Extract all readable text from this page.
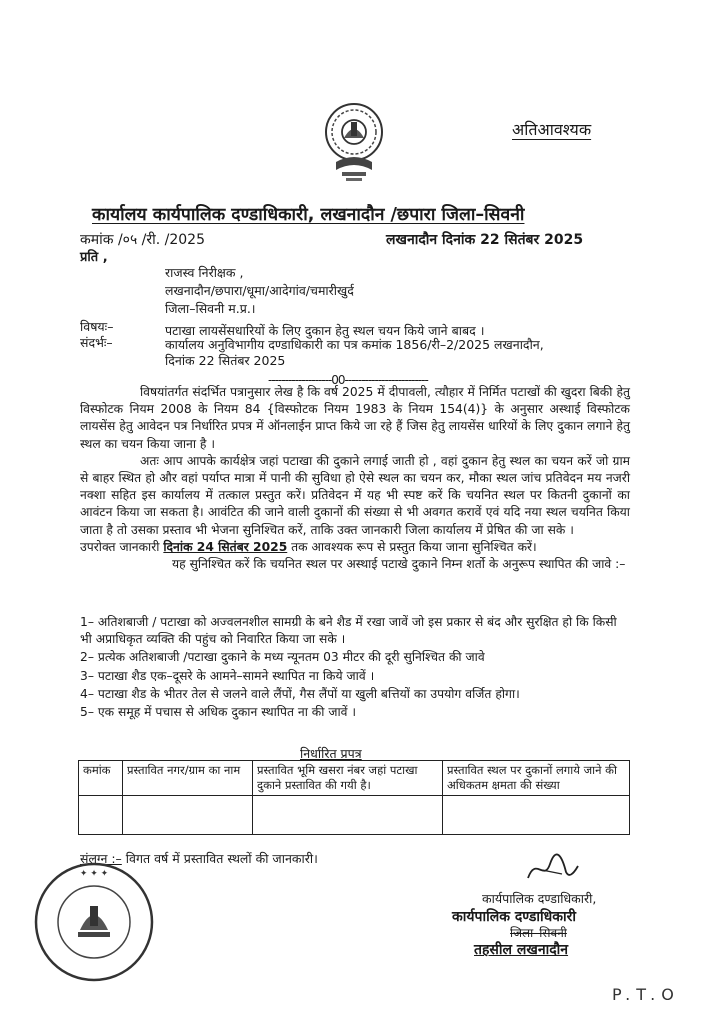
अतिआवश्यक
कार्यालय कार्यपालिक दण्डाधिकारी, लखनादौन /छपारा जिला–सिवनी
कमांक /०५ /री. /2025	लखनादौन दिनांक 22 सितंबर 2025
प्रति ,
राजस्व निरीक्षक ,
लखनादौन/छपारा/धूमा/आदेगांव/चमारीखुर्द
जिला–सिवनी म.प्र.।
विषयः–	पटाखा लायसेंसधारियों के लिए दुकान हेतु स्थल चयन किये जाने बाबद ।
संदर्भः–	कार्यालय अनुविभागीय दण्डाधिकारी का पत्र कमांक 1856/री–2/2025 लखनादौन,
दिनांक 22 सितंबर 2025
-------------------00-------------------------

विषयांतर्गत संदर्भित पत्रानुसार लेख है कि वर्ष 2025 में दीपावली, त्यौहार में निर्मित पटाखों की खुदरा बिकी हेतु विस्फोटक नियम 2008 के नियम 84 {विस्फोटक नियम 1983 के नियम 154(4)} के अनुसार अस्थाई विस्फोटक लायसेंस हेतु आवेदन पत्र निर्धारित प्रपत्र में ऑनलाईन प्राप्त किये जा रहे हैं जिस हेतु लायसेंस धारियों के लिए दुकान लगाने हेतु स्थल का चयन किया जाना है ।

अतः आप आपके कार्यक्षेत्र जहां पटाखा की दुकाने लगाई जाती हो , वहां दुकान हेतु स्थल का चयन करें जो ग्राम से बाहर स्थित हो और वहां पर्याप्त मात्रा में पानी की सुविधा हो ऐसे स्थल का चयन कर, मौका स्थल जांच प्रतिवेदन मय नजरी नक्शा सहित इस कार्यालय में तत्काल प्रस्तुत करें। प्रतिवेदन में यह भी स्पष्ट करें कि चयनित स्थल पर कितनी दुकानों का आवंटन किया जा सकता है। आवंटित की जाने वाली दुकानों की संख्या से भी अवगत करावें एवं यदि नया स्थल चयनित किया जाता है तो उसका प्रस्ताव भी भेजना सुनिश्चित करें, ताकि उक्त जानकारी जिला कार्यालय में प्रेषित की जा सके ।

उपरोक्त जानकारी दिनांक 24 सितंबर 2025 तक आवश्यक रूप से प्रस्तुत किया जाना सुनिश्चित करें।

यह सुनिश्चित करें कि चयनित स्थल पर अस्थाई पटाखे दुकाने निम्न शर्तो के अनुरूप स्थापित की जावे :–

1– अतिशबाजी / पटाखा को अज्वलनशील सामग्री के बने शैड में रखा जावें जो इस प्रकार से बंद और सुरक्षित हो कि किसी भी अप्राधिकृत व्यक्ति की पहुंच को निवारित किया जा सके ।

2– प्रत्येक अतिशबाजी /पटाखा दुकाने के मध्य न्यूनतम 03 मीटर की दूरी सुनिश्चित की जावे

3– पटाखा शैड एक–दूसरे के आमने–सामने स्थापित ना किये जावें ।

4– पटाखा शैड के भीतर तेल से जलने वाले लैंपों, गैस लैंपों या खुली बत्तियों का उपयोग वर्जित होगा।

5– एक समूह में पचास से अधिक दुकान स्थापित ना की जावें ।

निर्धारित प्रपत्र
कमांक	प्रस्तावित नगर/ग्राम का नाम	प्रस्तावित भूमि खसरा नंबर जहां पटाखा दुकाने प्रस्तावित की गयी है।	प्रस्तावित स्थल पर दुकानों लगाये जाने की अधिकतम क्षमता की संख्या

संलग्न :– विगत वर्ष में प्रस्तावित स्थलों की जानकारी।
कार्यपालिक दण्डाधिकारी,
कार्यपालिक दण्डाधिकारी
जिला–सिवनी
तहसील लखनादौन
✦ ✦ ✦
P.T.O
